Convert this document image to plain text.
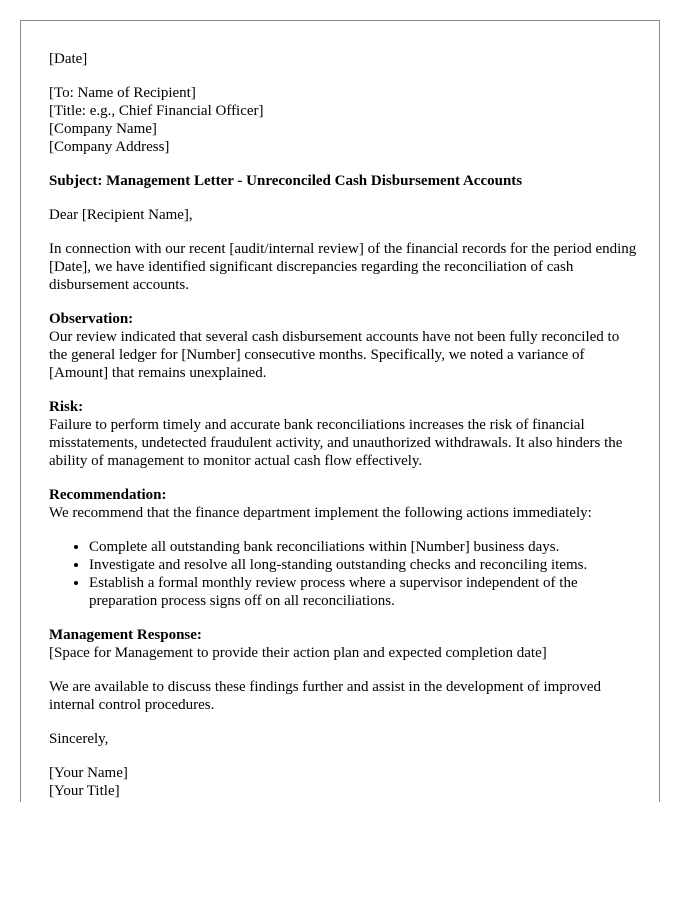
[Date]

[To: Name of Recipient]
[Title: e.g., Chief Financial Officer]
[Company Name]
[Company Address]

Subject: Management Letter - Unreconciled Cash Disbursement Accounts

Dear [Recipient Name],

In connection with our recent [audit/internal review] of the financial records for the period ending [Date], we have identified significant discrepancies regarding the reconciliation of cash disbursement accounts.

Observation:
Our review indicated that several cash disbursement accounts have not been fully reconciled to the general ledger for [Number] consecutive months. Specifically, we noted a variance of [Amount] that remains unexplained.

Risk:
Failure to perform timely and accurate bank reconciliations increases the risk of financial misstatements, undetected fraudulent activity, and unauthorized withdrawals. It also hinders the ability of management to monitor actual cash flow effectively.

Recommendation:
We recommend that the finance department implement the following actions immediately:

• Complete all outstanding bank reconciliations within [Number] business days.
• Investigate and resolve all long-standing outstanding checks and reconciling items.
• Establish a formal monthly review process where a supervisor independent of the preparation process signs off on all reconciliations.

Management Response:
[Space for Management to provide their action plan and expected completion date]

We are available to discuss these findings further and assist in the development of improved internal control procedures.

Sincerely,

[Your Name]
[Your Title]
